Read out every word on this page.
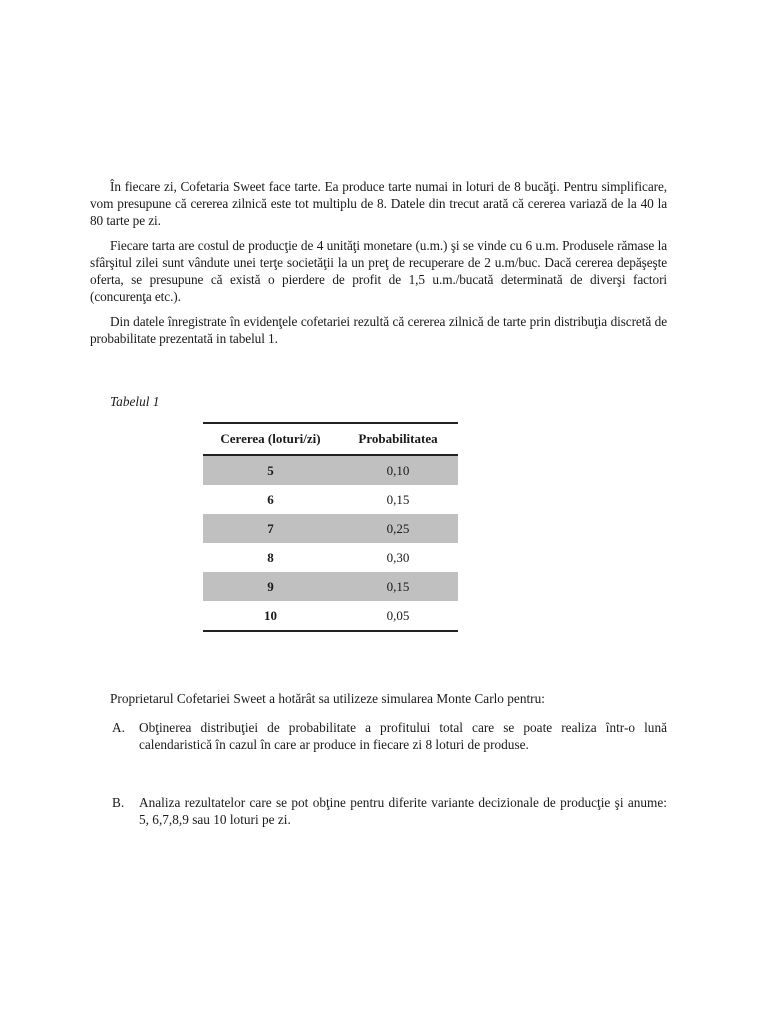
În fiecare zi, Cofetaria Sweet face tarte. Ea produce tarte numai in loturi de 8 bucăţi. Pentru simplificare, vom presupune că cererea zilnică este tot multiplu de 8. Datele din trecut arată că cererea variază de la 40 la 80 tarte pe zi.

Fiecare tarta are costul de producţie de 4 unităţi monetare (u.m.) şi se vinde cu 6 u.m. Produsele rămase la sfârşitul zilei sunt vândute unei terţe societăţii la un preţ de recuperare de 2 u.m/buc. Dacă cererea depăşeşte oferta, se presupune că există o pierdere de profit de 1,5 u.m./bucată determinată de diverşi factori (concurenţa etc.).

Din datele înregistrate în evidenţele cofetariei rezultă că cererea zilnică de tarte prin distribuţia discretă de probabilitate prezentată in tabelul 1.

Tabelul 1

Cererea (loturi/zi)	Probabilitatea
5	0,10
6	0,15
7	0,25
8	0,30
9	0,15
10	0,05

Proprietarul Cofetariei Sweet a hotărât sa utilizeze simularea Monte Carlo pentru:

A.	Obţinerea distribuţiei de probabilitate a profitului total care se poate realiza într-o lună calendaristică în cazul în care ar produce in fiecare zi 8 loturi de produse.
B.	Analiza rezultatelor care se pot obţine pentru diferite variante decizionale de producţie şi anume: 5, 6,7,8,9 sau 10 loturi pe zi.
